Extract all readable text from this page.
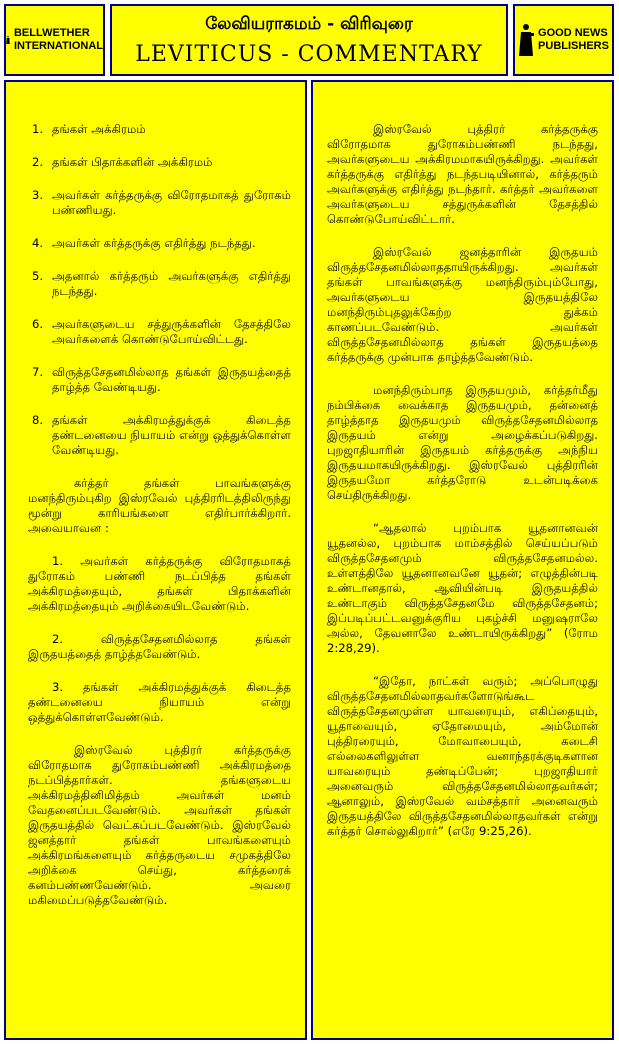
BELLWETHER
INTERNATIONAL
லேவியராகமம் - விரிவுரை
LEVITICUS - COMMENTARY
GOOD NEWS
PUBLISHERS
1. தங்கள் அக்கிரமம்
2. தங்கள் பிதாக்களின் அக்கிரமம்
3. அவர்கள் கர்த்தருக்கு விரோதமாகத் துரோகம் பண்ணியது.
4. அவர்கள் கர்த்தருக்கு எதிர்த்து நடந்தது.
5. அதனால் கர்த்தரும் அவர்களுக்கு எதிர்த்து நடந்தது.
6. அவர்களுடைய சத்துருக்களின் தேசத்திலே அவர்களைக் கொண்டுபோய்விட்டது.
7. விருத்தசேதனமில்லாத தங்கள் இருதயத்தைத் தாழ்த்த வேண்டியது.
8. தங்கள் அக்கிரமத்துக்குக் கிடைத்த தண்டனையை நியாயம் என்று ஒத்துக்கொள்ள வேண்டியது.

கர்த்தர் தங்கள் பாவங்களுக்கு மனந்திரும்புகிற இஸ்ரவேல் புத்திரரிடத்திலிருந்து மூன்று காரியங்களை எதிர்பார்க்கிறார். அவையாவன :

1. அவர்கள் கர்த்தருக்கு விரோதமாகத் துரோகம் பண்ணி நடப்பித்த தங்கள் அக்கிரமத்தையும், தங்கள் பிதாக்களின் அக்கிரமத்தையும் அறிக்கையிடவேண்டும்.

2. விருத்தசேதனமில்லாத தங்கள் இருதயத்தைத் தாழ்த்தவேண்டும்.

3. தங்கள் அக்கிரமத்துக்குக் கிடைத்த தண்டனையை நியாயம் என்று ஒத்துக்கொள்ளவேண்டும்.

இஸ்ரவேல் புத்திரர் கர்த்தருக்கு விரோதமாக துரோகம்பண்ணி அக்கிரமத்தை நடப்பித்தார்கள். தங்களுடைய அக்கிரமத்தினிமித்தம் அவர்கள் மனம் வேதனைப்படவேண்டும். அவர்கள் தங்கள் இருதயத்தில் வெட்கப்படவேண்டும். இஸ்ரவேல் ஜனத்தார் தங்கள் பாவங்களையும் அக்கிரமங்களையும் கர்த்தருடைய சமுகத்திலே அறிக்கை செய்து, கர்த்தரைக் கனம்பண்ணவேண்டும். அவரை மகிமைப்படுத்தவேண்டும்.

இஸ்ரவேல் புத்திரர் கர்த்தருக்கு விரோதமாக துரோகம்பண்ணி நடந்தது, அவர்களுடைய அக்கிரமமாகயிருக்கிறது. அவர்கள் கர்த்தருக்கு எதிர்த்து நடந்தபடியினால், கர்த்தரும் அவர்களுக்கு எதிர்த்து நடந்தார். கர்த்தர் அவர்களை அவர்களுடைய சத்துருக்களின் தேசத்தில் கொண்டுபோய்விட்டார்.

இஸ்ரவேல் ஜனத்தாரின் இருதயம் விருத்தசேதனமில்லாததாயிருக்கிறது. அவர்கள் தங்கள் பாவங்களுக்கு மனந்திரும்பும்போது, அவர்களுடைய இருதயத்திலே மனந்திரும்புதலுக்கேற்ற துக்கம் காணப்படவேண்டும். அவர்கள் விருத்தசேதனமில்லாத தங்கள் இருதயத்தை கர்த்தருக்கு முன்பாக தாழ்த்தவேண்டும்.

மனந்திரும்பாத இருதயமும், கர்த்தர்மீது நம்பிக்கை வைக்காத இருதயமும், தன்னைத் தாழ்த்தாத இருதயமும் விருத்தசேதனமில்லாத இருதயம் என்று அழைக்கப்படுகிறது. புறஜாதியாரின் இருதயம் கர்த்தருக்கு அந்நிய இருதயமாகயிருக்கிறது. இஸ்ரவேல் புத்திரரின் இருதயமோ கர்த்தரோடு உடன்படிக்கை செய்திருக்கிறது.

“ஆதலால் புறம்பாக யூதனானவன் யூதனல்ல, புறம்பாக மாம்சத்தில் செய்யப்படும் விருத்தசேதனமும் விருத்தசேதனமல்ல. உள்ளத்திலே யூதனானவனே யூதன்; எழுத்தின்படி உண்டானதால், ஆவியின்படி இருதயத்தில் உண்டாகும் விருத்தசேதனமே விருத்தசேதனம்; இப்படிப்பட்டவனுக்குரிய புகழ்ச்சி மனுஷராலே அல்ல, தேவனாலே உண்டாயிருக்கிறது” (ரோம 2:28,29).

“இதோ, நாட்கள் வரும்; அப்பொழுது விருத்தசேதனமில்லாதவர்களோடுங்கூட விருத்தசேதனமுள்ள யாவரையும், எகிப்தையும், யூதாவையும், ஏதோமையும், அம்மோன் புத்திரரையும், மோவாபையும், கடைசி எல்லைகளிலுள்ள வனாந்தரக்குடிகளான யாவரையும் தண்டிப்பேன்; புறஜாதியார் அனைவரும் விருத்தசேதனமில்லாதவர்கள்; ஆனாலும், இஸ்ரவேல் வம்சத்தார் அனைவரும் இருதயத்திலே விருத்தசேதனமில்லாதவர்கள் என்று கர்த்தர் சொல்லுகிறார்” (எரே 9:25,26).
